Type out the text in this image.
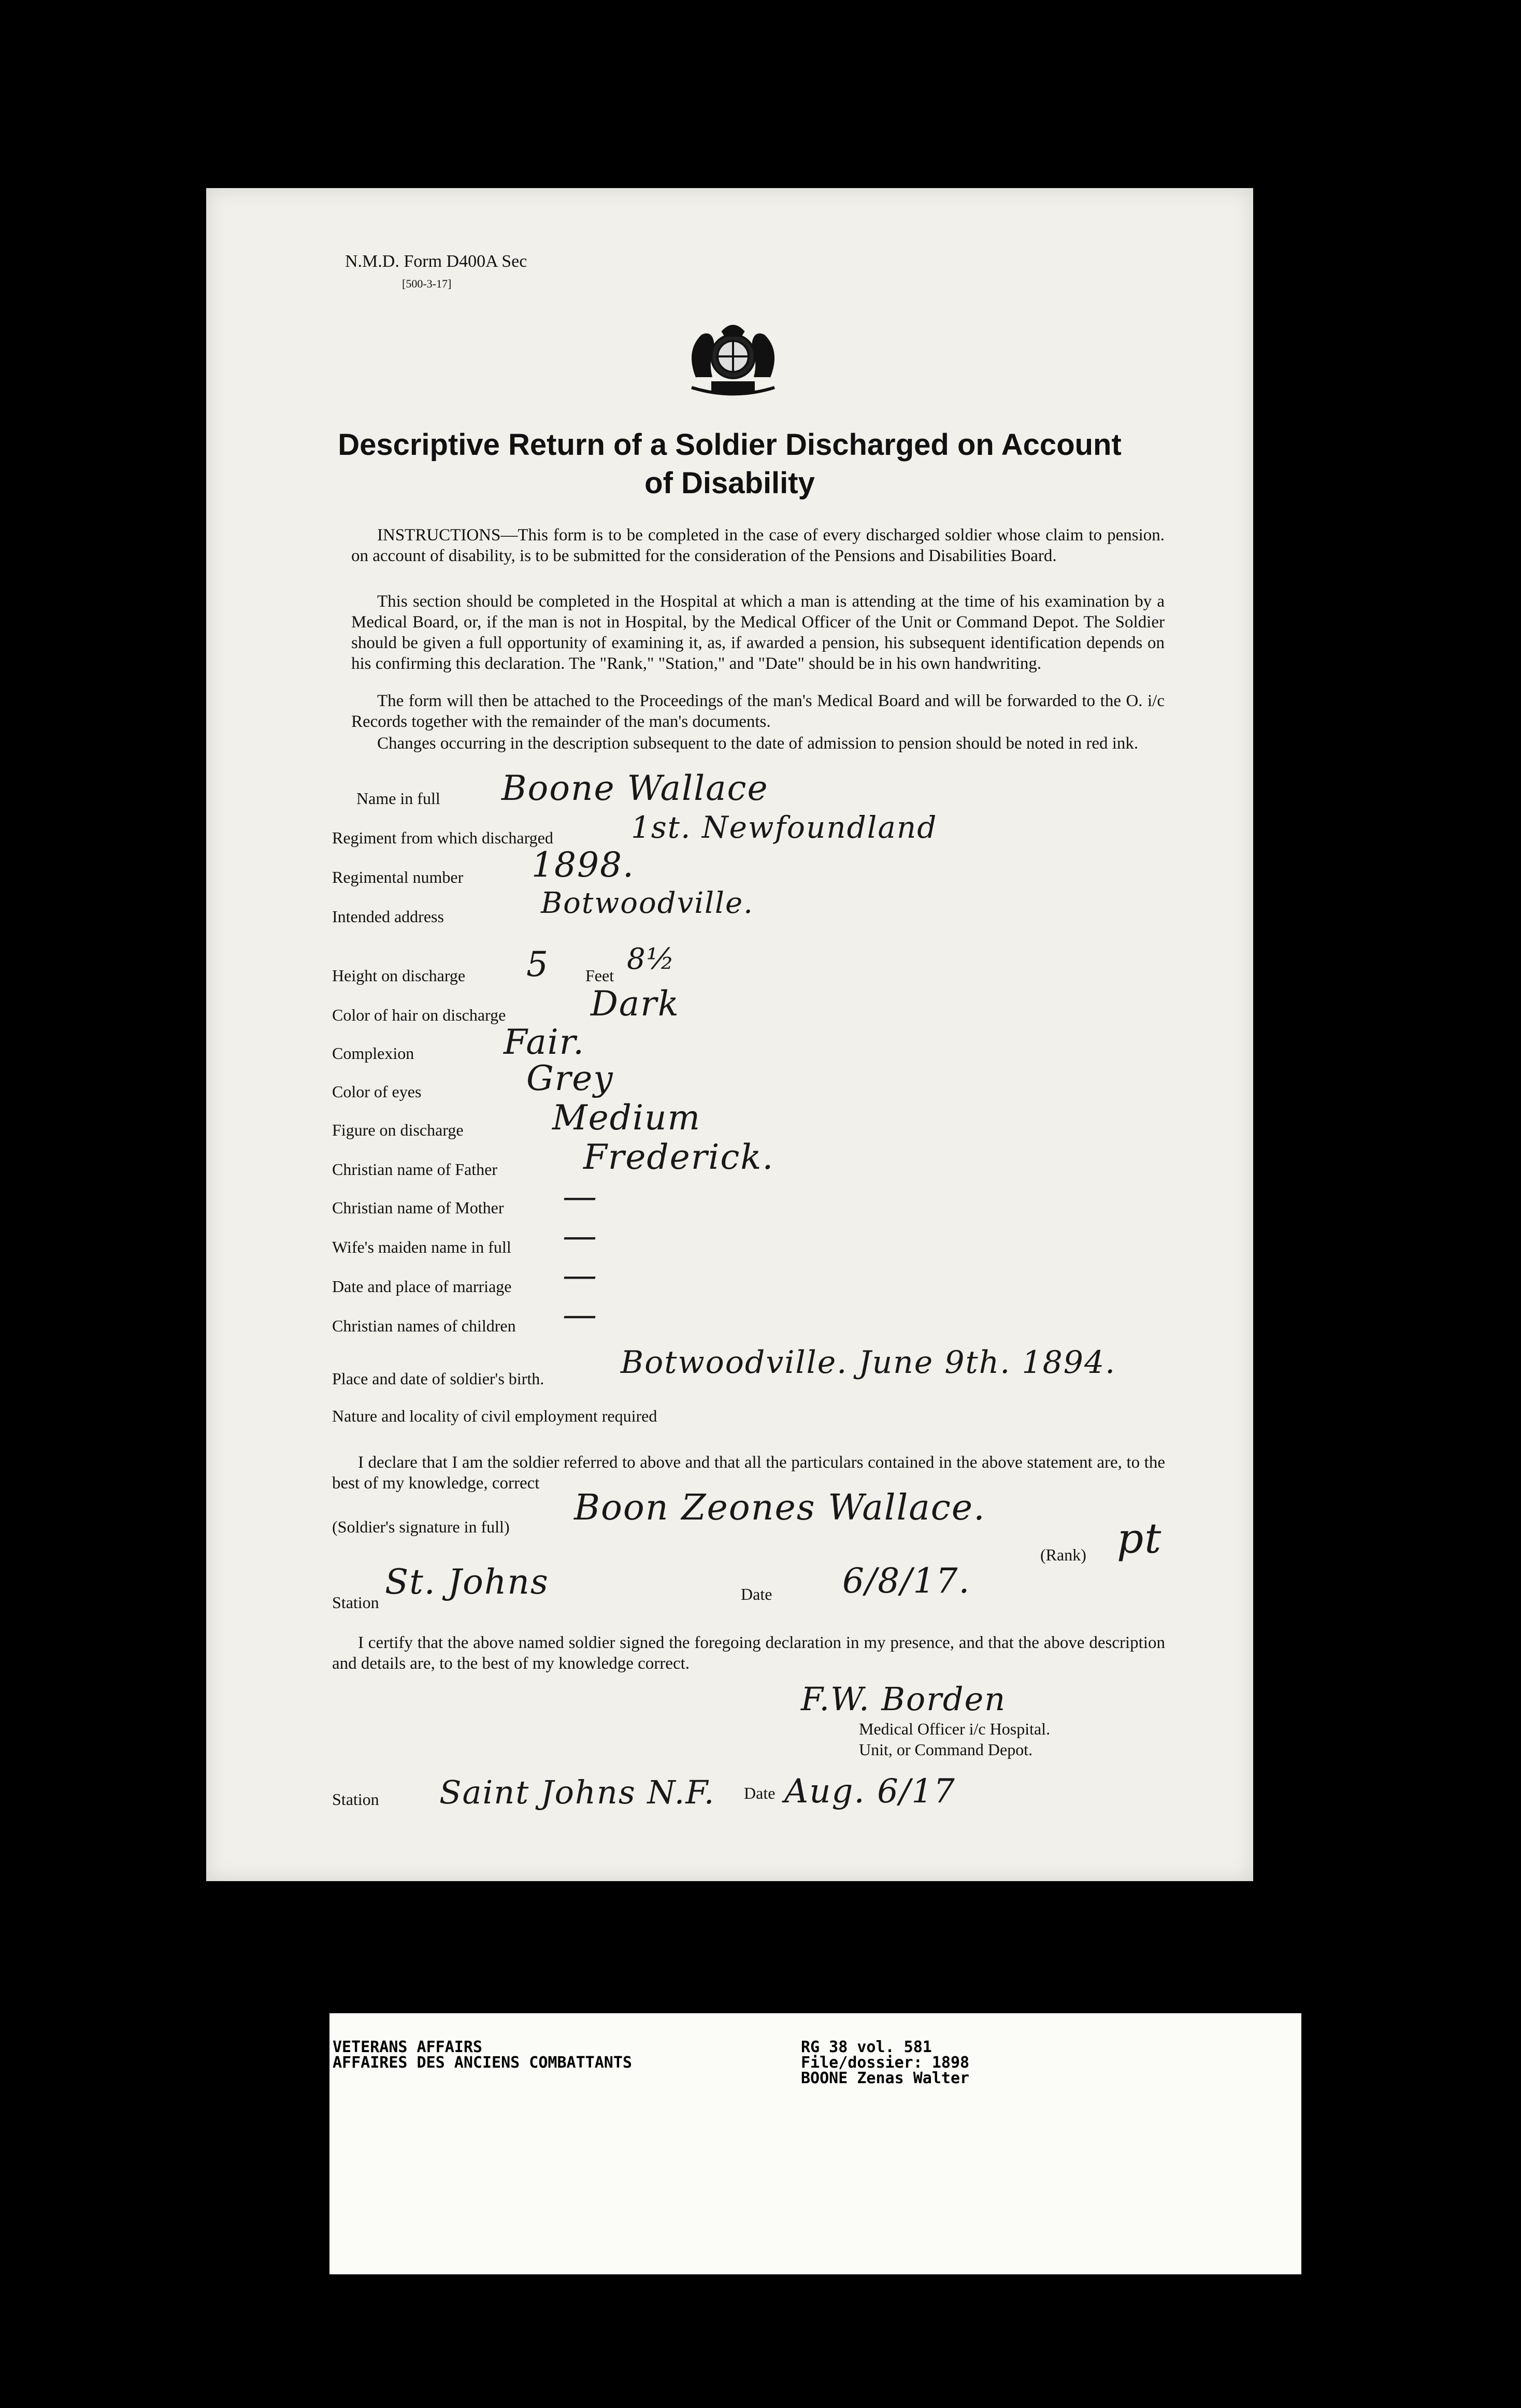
N.M.D. Form D400A Sec
[500-3-17]
Descriptive Return of a Soldier Discharged on Account
of Disability
INSTRUCTIONS—This form is to be completed in the case of every discharged soldier whose claim to pension. on account of disability, is to be submitted for the consideration of the Pensions and Disabilities Board.
This section should be completed in the Hospital at which a man is attending at the time of his examination by a Medical Board, or, if the man is not in Hospital, by the Medical Officer of the Unit or Command Depot. The Soldier should be given a full opportunity of examining it, as, if awarded a pension, his subsequent identification depends on his confirming this declaration. The "Rank," "Station," and "Date" should be in his own handwriting.
The form will then be attached to the Proceedings of the man's Medical Board and will be forwarded to the O. i/c Records together with the remainder of the man's documents.
Changes occurring in the description subsequent to the date of admission to pension should be noted in red ink.
Name in full Boone Wallace
Regiment from which discharged	1st. Newfoundland
Regimental number 1898.
Intended address	Botwoodville.
Height on discharge 5 Feet 8½
Color of hair on discharge Dark
Complexion	Fair.
Color of eyes	Grey
Figure on discharge	Medium
Christian name of Father	Frederick.
Christian name of Mother —
Wife's maiden name in full —
Date and place of marriage —
Christian names of children —
Place and date of soldier's birth. Botwoodville. June 9th. 1894.
Nature and locality of civil employment required
I declare that I am the soldier referred to above and that all the particulars contained in the above statement are, to the best of my knowledge, correct
(Soldier's signature in full) Boon Zeones Wallace.
(Rank) pt
Station
St. Johns	Date 6/8/17.
I certify that the above named soldier signed the foregoing declaration in my presence, and that the above description and details are, to the best of my knowledge correct.
F.W. Borden
Medical Officer i/c Hospital.
Unit, or Command Depot.
Station Saint Johns N.F. Date Aug. 6/17
VETERANS AFFAIRS
AFFAIRES DES ANCIENS COMBATTANTS
RG 38 vol. 581
File/dossier: 1898
BOONE Zenas Walter
